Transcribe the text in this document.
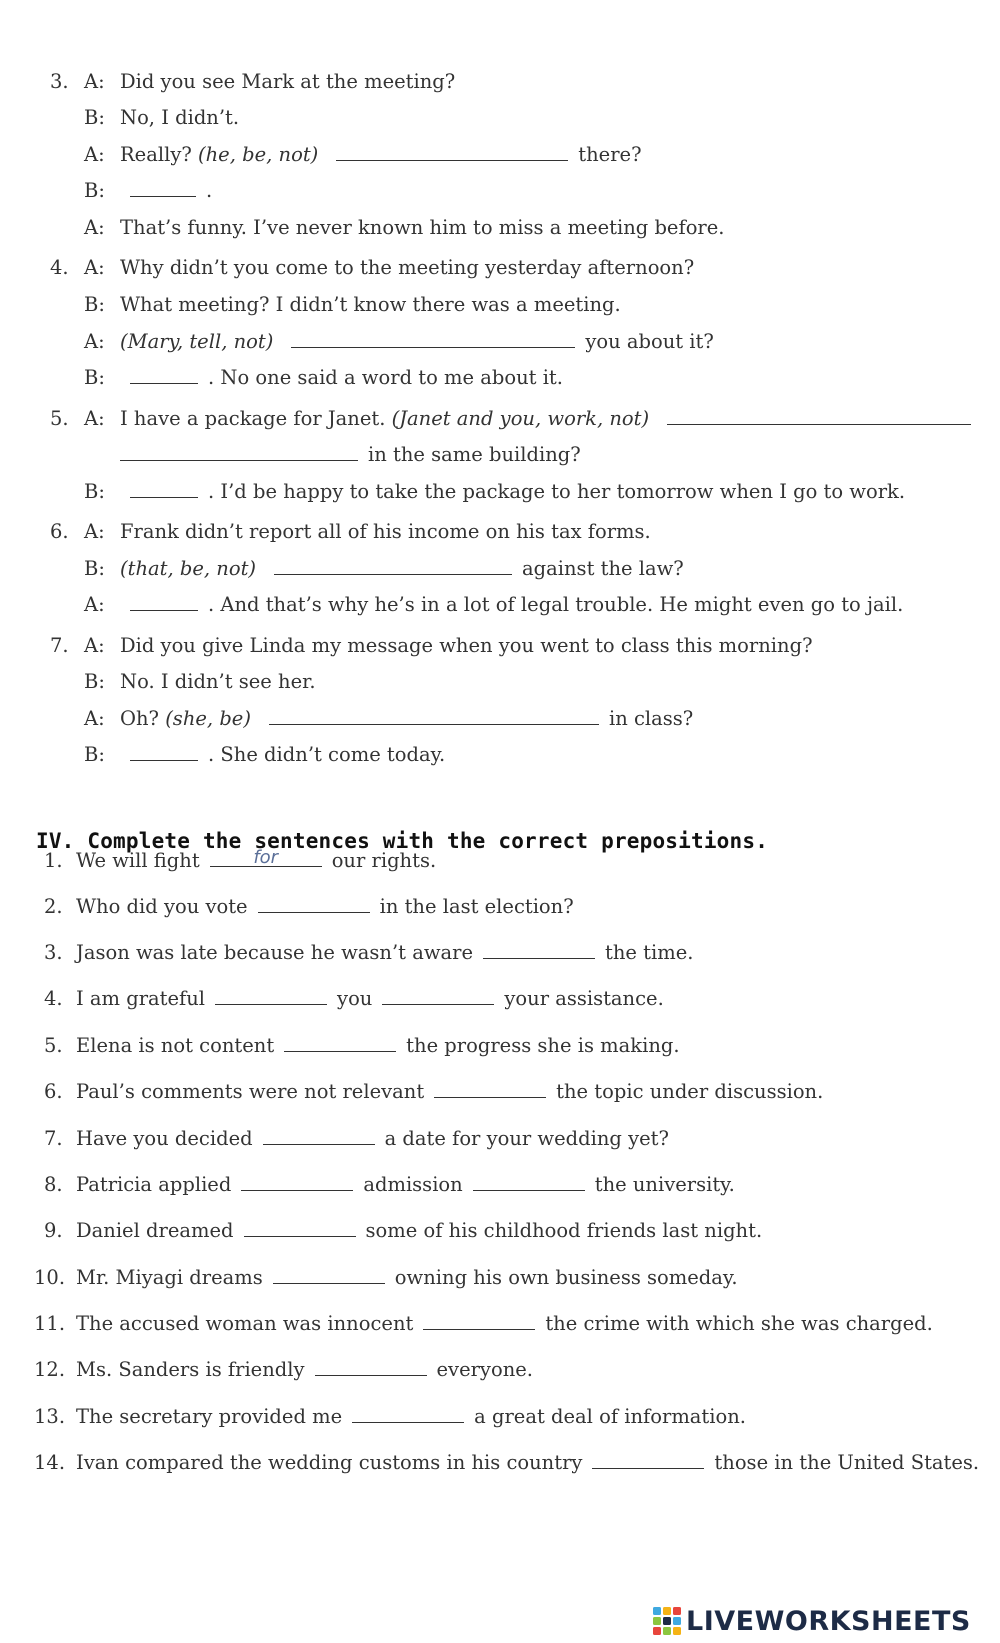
3. A: Did you see Mark at the meeting?
B: No, I didn’t.
A: Really? (he, be, not)	there?
B:	.
A: That’s funny. I’ve never known him to miss a meeting before.
4. A: Why didn’t you come to the meeting yesterday afternoon?
B: What meeting? I didn’t know there was a meeting.
A: (Mary, tell, not)	you about it?
B:	. No one said a word to me about it.
5. A: I have a package for Janet. (Janet and you, work, not)
in the same building?
B:	. I’d be happy to take the package to her tomorrow when I go to work.
6. A: Frank didn’t report all of his income on his tax forms.
B: (that, be, not)	against the law?
A:	. And that’s why he’s in a lot of legal trouble. He might even go to jail.
7. A: Did you give Linda my message when you went to class this morning?
B: No. I didn’t see her.
A: Oh? (she, be)	in class?
B:	. She didn’t come today.
IV. Complete the sentences with the correct prepositions.
1. We will fight	for	our rights.
2. Who did you vote	in the last election?
3. Jason was late because he wasn’t aware	the time.
4. I am grateful	you	your assistance.
5. Elena is not content	the progress she is making.
6. Paul’s comments were not relevant	the topic under discussion.
7. Have you decided	a date for your wedding yet?
8. Patricia applied	admission	the university.
9. Daniel dreamed	some of his childhood friends last night.
10. Mr. Miyagi dreams	owning his own business someday.
11. The accused woman was innocent	the crime with which she was charged.
12. Ms. Sanders is friendly	everyone.
13. The secretary provided me	a great deal of information.
14. Ivan compared the wedding customs in his country	those in the United States.
LIVEWORKSHEETS
